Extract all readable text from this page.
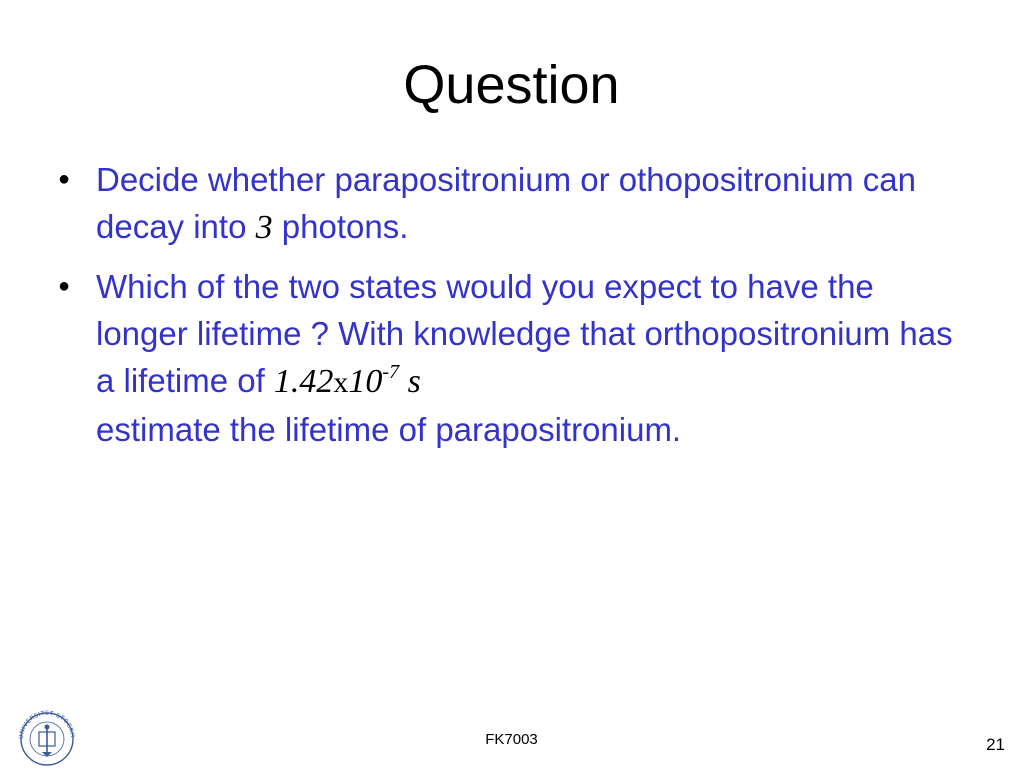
Question
● Decide whether parapositronium or othopositronium can decay into 3 photons.
● Which of the two states would you expect to have the longer lifetime ? With knowledge that orthopositronium has a lifetime of $1.42x10^{-7}$ s
estimate the lifetime of parapositronium.
UNIVERSITET STOCKH	FK7003	21
